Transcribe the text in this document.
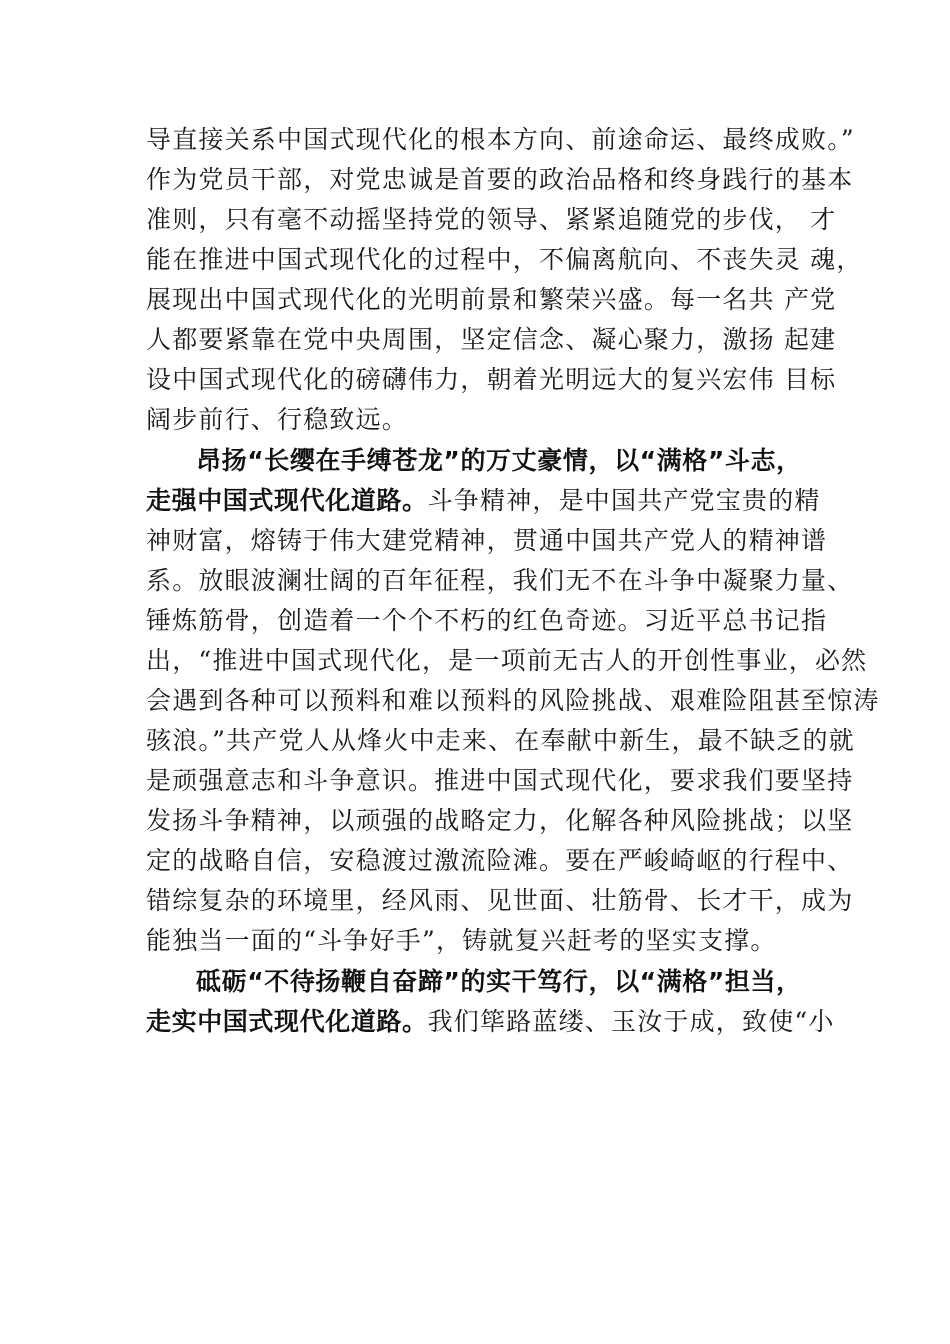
导直接关系中国式现代化的根本方向、前途命运、最终成败。”
作为党员干部，对党忠诚是首要的政治品格和终身践行的基本
准则，只有毫不动摇坚持党的领导、紧紧追随党的步伐， 才
能在推进中国式现代化的过程中，不偏离航向、不丧失灵 魂，
展现出中国式现代化的光明前景和繁荣兴盛。每一名共 产党
人都要紧靠在党中央周围，坚定信念、凝心聚力，激扬 起建
设中国式现代化的磅礴伟力，朝着光明远大的复兴宏伟 目标
阔步前行、行稳致远。
昂扬“长缨在手缚苍龙”的万丈豪情，以“满格”斗志，
走强中国式现代化道路。斗争精神，是中国共产党宝贵的精
神财富，熔铸于伟大建党精神，贯通中国共产党人的精神谱
系。放眼波澜壮阔的百年征程，我们无不在斗争中凝聚力量、
锤炼筋骨，创造着一个个不朽的红色奇迹。习近平总书记指
出，“推进中国式现代化，是一项前无古人的开创性事业，必然
会遇到各种可以预料和难以预料的风险挑战、艰难险阻甚至惊涛
骇浪。”共产党人从烽火中走来、在奉献中新生，最不缺乏的就
是顽强意志和斗争意识。推进中国式现代化，要求我们要坚持
发扬斗争精神，以顽强的战略定力，化解各种风险挑战；以坚
定的战略自信，安稳渡过激流险滩。要在严峻崎岖的行程中、
错综复杂的环境里，经风雨、见世面、壮筋骨、长才干，成为
能独当一面的“斗争好手”，铸就复兴赶考的坚实支撑。
砥砺“不待扬鞭自奋蹄”的实干笃行，以“满格”担当，
走实中国式现代化道路。我们筚路蓝缕、玉汝于成，致使“小
